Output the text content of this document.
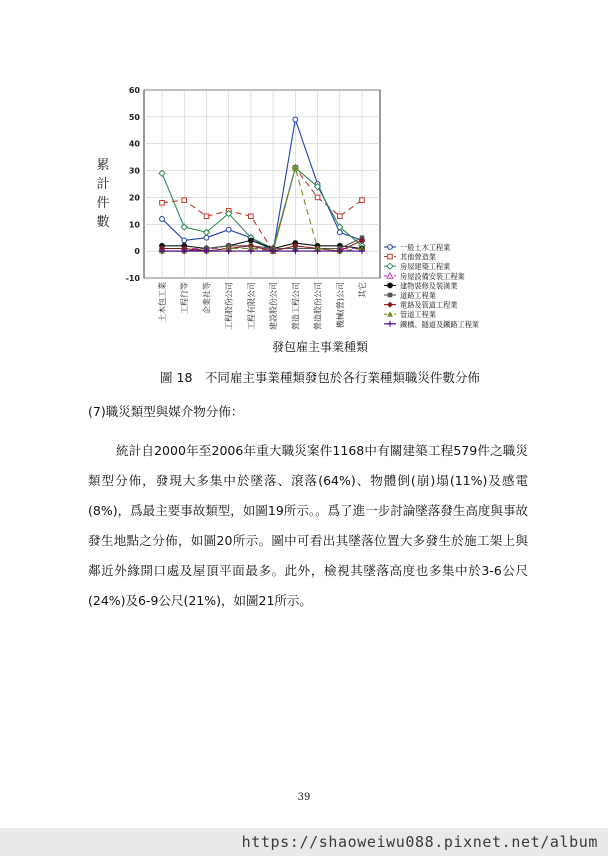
-10
0
10
20
30
40
50
60
土木包工業 工程行等 企業社等 工程股份公司 工程有限公司 建設股份公司 營造工程公司 營造股份公司 機械(營)公司 其它
一般土木工程業
其他營造業
房屋建築工程業
房屋設備安裝工程業
建物裝修及裝潢業
道路工程業
電路及管道工程業
管道工程業
鐵橋、隧道及鐵路工程業
累計件數
發包雇主事業種類
圖 18　不同雇主事業種類發包於各行業種類職災件數分佈
(7)職災類型與媒介物分佈：
統計自2000年至2006年重大職災案件1168中有關建築工程579件之職災類型分佈，發現大多集中於墜落、滾落(64%)、物體倒(崩)塌(11%)及感電(8%)，爲最主要事故類型，如圖19所示。。爲了進一步討論墜落發生高度與事故發生地點之分佈，如圖20所示。圖中可看出其墜落位置大多發生於施工架上與鄰近外緣開口處及屋頂平面最多。此外，檢視其墜落高度也多集中於3-6公尺(24%)及6-9公尺(21%)，如圖21所示。
39
https://shaoweiwu088.pixnet.net/album
